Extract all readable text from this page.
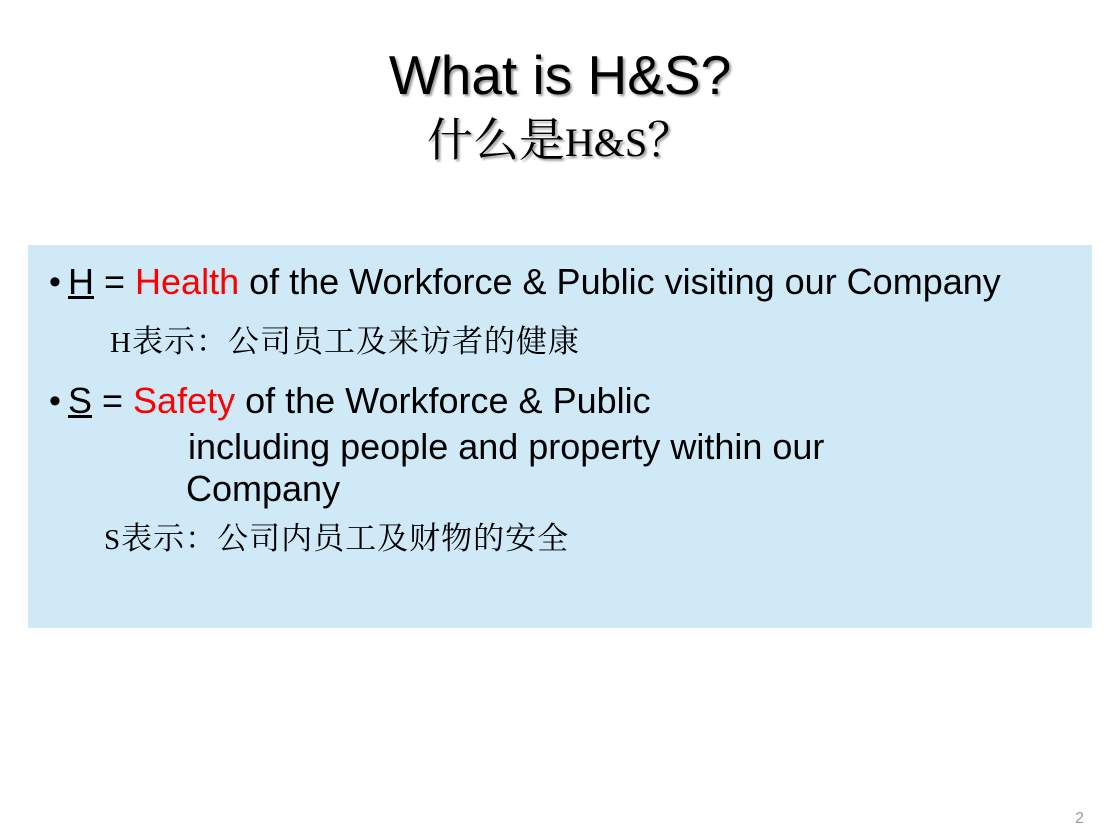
What is H&S?
什么是H&S？
• H = Health of the Workforce & Public visiting our Company
H表示：公司员工及来访者的健康
• S = Safety of the Workforce & Public
including people and property within our
Company
S表示：公司内员工及财物的安全
2
